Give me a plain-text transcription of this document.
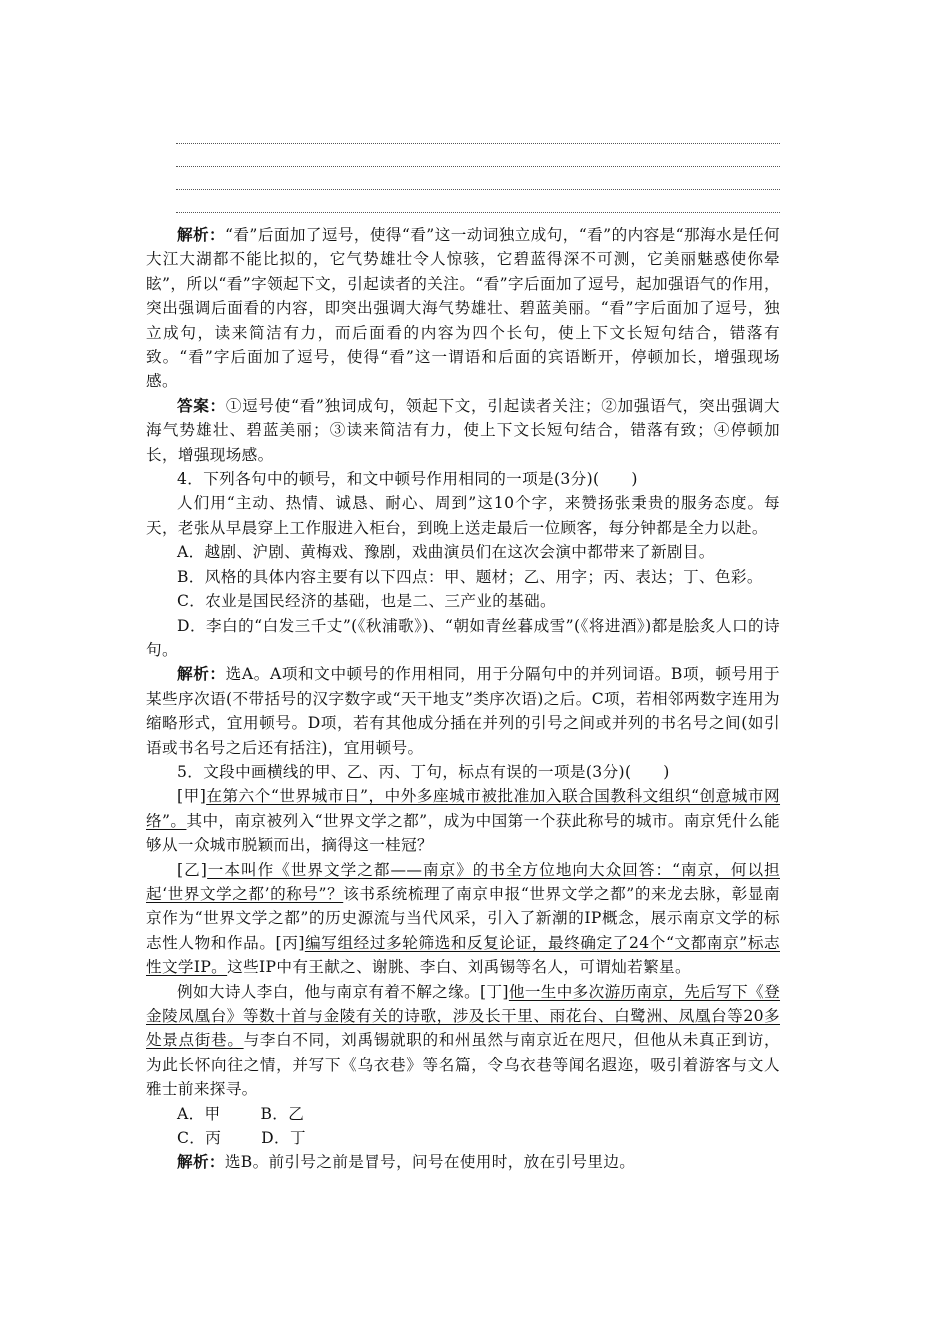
解析：“看”后面加了逗号，使得“看”这一动词独立成句，“看”的内容是“那海水是任何大江大湖都不能比拟的，它气势雄壮令人惊骇，它碧蓝得深不可测，它美丽魅惑使你晕眩”，所以“看”字领起下文，引起读者的关注。“看”字后面加了逗号，起加强语气的作用，突出强调后面看的内容，即突出强调大海气势雄壮、碧蓝美丽。“看”字后面加了逗号，独立成句，读来简洁有力，而后面看的内容为四个长句，使上下文长短句结合，错落有致。“看”字后面加了逗号，使得“看”这一谓语和后面的宾语断开，停顿加长，增强现场感。

答案：①逗号使“看”独词成句，领起下文，引起读者关注；②加强语气，突出强调大海气势雄壮、碧蓝美丽；③读来简洁有力，使上下文长短句结合，错落有致；④停顿加长，增强现场感。

4．下列各句中的顿号，和文中顿号作用相同的一项是(3分)(　　)

人们用“主动、热情、诚恳、耐心、周到”这10个字，来赞扬张秉贵的服务态度。每天，老张从早晨穿上工作服进入柜台，到晚上送走最后一位顾客，每分钟都是全力以赴。

A．越剧、沪剧、黄梅戏、豫剧，戏曲演员们在这次会演中都带来了新剧目。

B．风格的具体内容主要有以下四点：甲、题材；乙、用字；丙、表达；丁、色彩。

C．农业是国民经济的基础，也是二、三产业的基础。

D．李白的“白发三千丈”(《秋浦歌》)、“朝如青丝暮成雪”(《将进酒》)都是脍炙人口的诗句。

解析：选A。A项和文中顿号的作用相同，用于分隔句中的并列词语。B项，顿号用于某些序次语(不带括号的汉字数字或“天干地支”类序次语)之后。C项，若相邻两数字连用为缩略形式，宜用顿号。D项，若有其他成分插在并列的引号之间或并列的书名号之间(如引语或书名号之后还有括注)，宜用顿号。

5．文段中画横线的甲、乙、丙、丁句，标点有误的一项是(3分)(　　)

[甲]在第六个“世界城市日”，中外多座城市被批准加入联合国教科文组织“创意城市网络”。其中，南京被列入“世界文学之都”，成为中国第一个获此称号的城市。南京凭什么能够从一众城市脱颖而出，摘得这一桂冠？

[乙]一本叫作《世界文学之都——南京》的书全方位地向大众回答：“南京，何以担起‘世界文学之都’的称号”？该书系统梳理了南京申报“世界文学之都”的来龙去脉，彰显南京作为“世界文学之都”的历史源流与当代风采，引入了新潮的IP概念，展示南京文学的标志性人物和作品。[丙]编写组经过多轮筛选和反复论证，最终确定了24个“文都南京”标志性文学IP。这些IP中有王献之、谢朓、李白、刘禹锡等名人，可谓灿若繁星。

例如大诗人李白，他与南京有着不解之缘。[丁]他一生中多次游历南京，先后写下《登金陵凤凰台》等数十首与金陵有关的诗歌，涉及长干里、雨花台、白鹭洲、凤凰台等20多处景点街巷。与李白不同，刘禹锡就职的和州虽然与南京近在咫尺，但他从未真正到访，为此长怀向往之情，并写下《乌衣巷》等名篇，令乌衣巷等闻名遐迩，吸引着游客与文人雅士前来探寻。

A．甲	B．乙

C．丙	D．丁

解析：选B。前引号之前是冒号，问号在使用时，放在引号里边。
